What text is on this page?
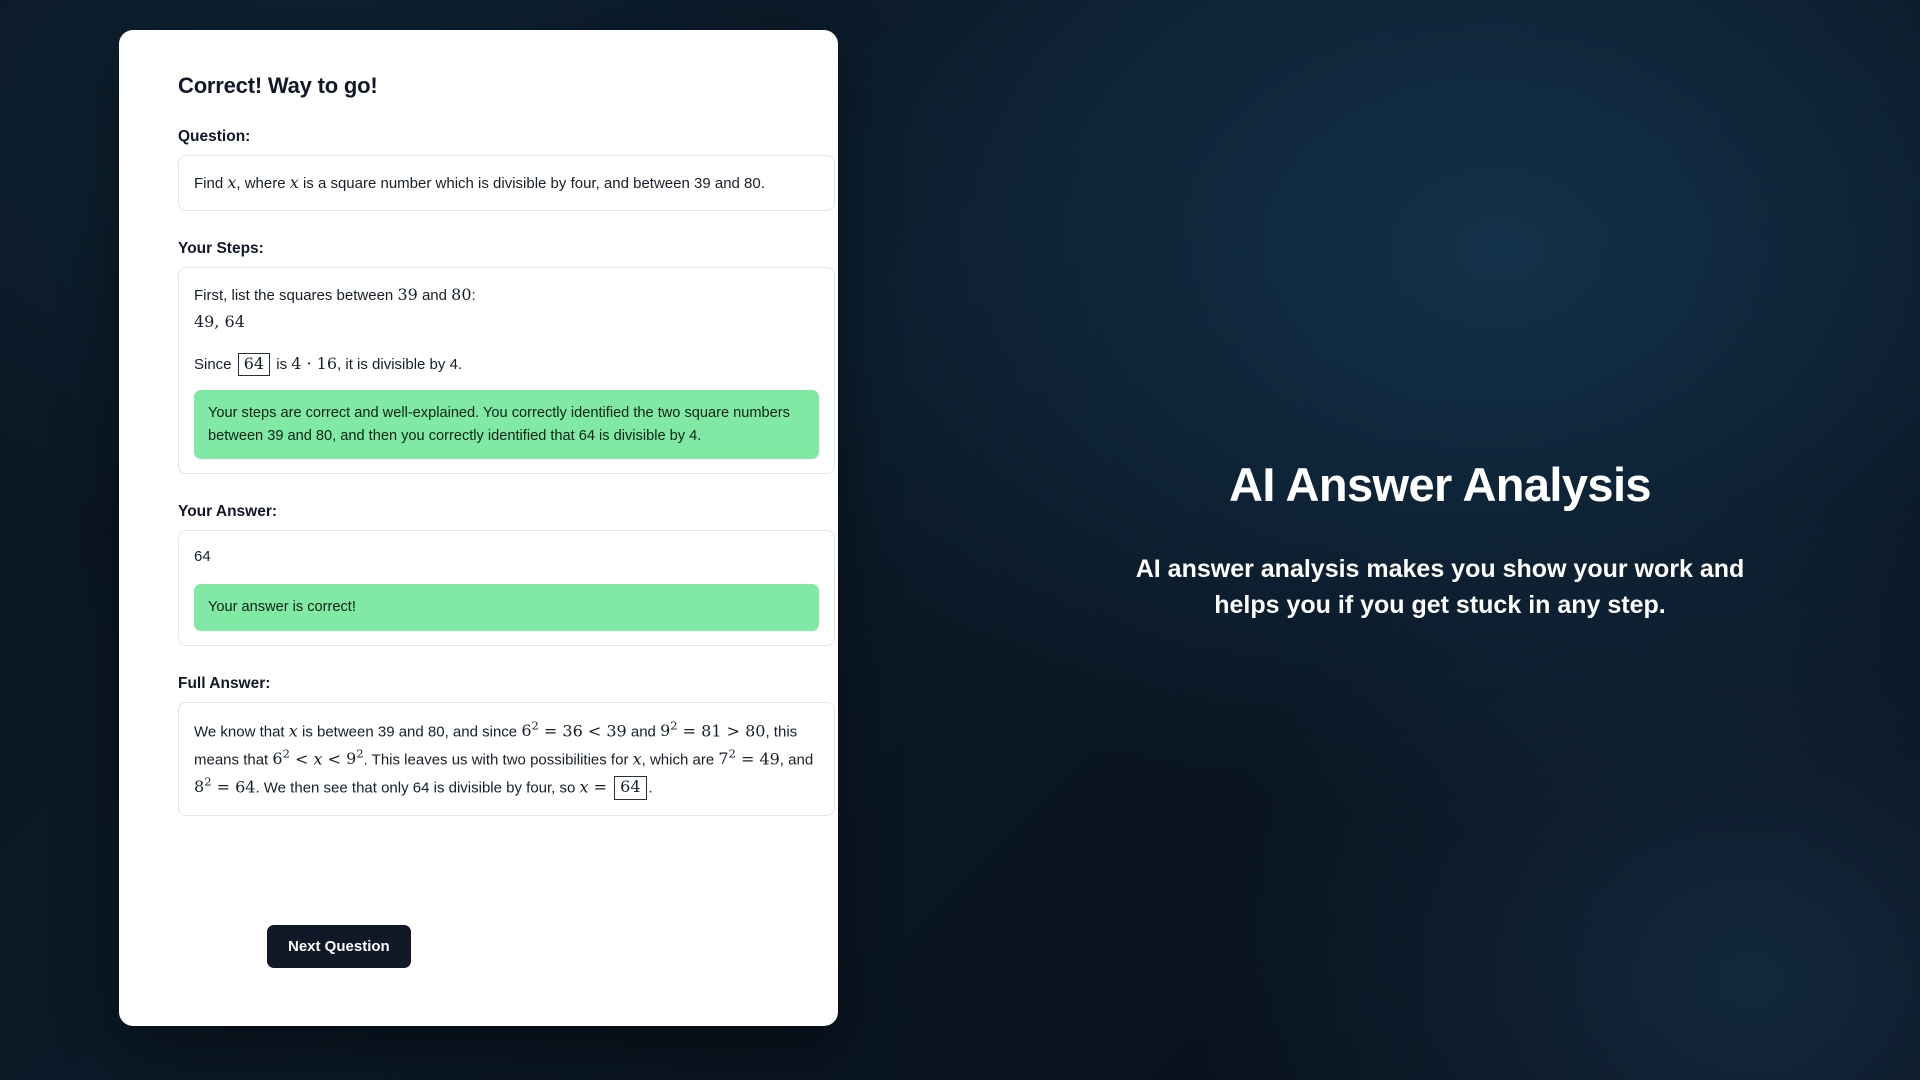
Correct! Way to go!
Question:
Find x, where x is a square number which is divisible by four, and between 39 and 80.
Your Steps:
First, list the squares between 39 and 80:
49, 64
Since 64 is 4 · 16, it is divisible by 4.
Your steps are correct and well-explained. You correctly identified the two square numbers between 39 and 80, and then you correctly identified that 64 is divisible by 4.
Your Answer:
64
Your answer is correct!
Full Answer:
We know that x is between 39 and 80, and since $6^2 = 36 < 39$ and $9^2 = 81 > 80$, this means that $6^2 < x < 9^2$. This leaves us with two possibilities for x, which are $7^2 = 49$, and $8^2 = 64$. We then see that only 64 is divisible by four, so x = 64 .
Next Question
AI Answer Analysis

AI answer analysis makes you show your work and helps you if you get stuck in any step.
